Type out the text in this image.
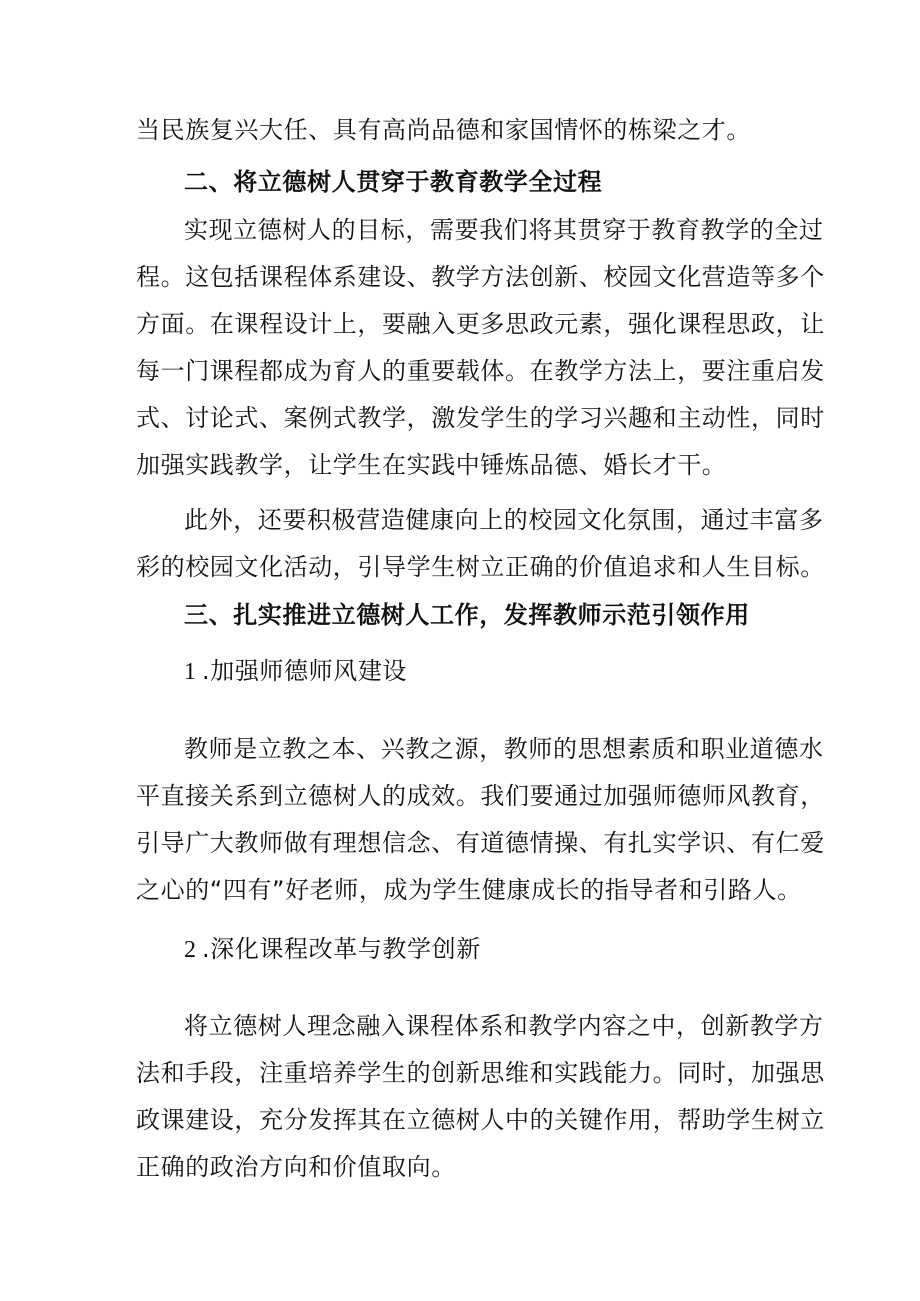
当民族复兴大任、具有高尚品德和家国情怀的栋梁之才。
二、将立德树人贯穿于教育教学全过程
实现立德树人的目标，需要我们将其贯穿于教育教学的全过
程。这包括课程体系建设、教学方法创新、校园文化营造等多个
方面。在课程设计上，要融入更多思政元素，强化课程思政，让
每一门课程都成为育人的重要载体。在教学方法上，要注重启发
式、讨论式、案例式教学，激发学生的学习兴趣和主动性，同时
加强实践教学，让学生在实践中锤炼品德、婚长才干。
此外，还要积极营造健康向上的校园文化氛围，通过丰富多
彩的校园文化活动，引导学生树立正确的价值追求和人生目标。
三、扎实推进立德树人工作，发挥教师示范引领作用
1 .加强师德师风建设
教师是立教之本、兴教之源，教师的思想素质和职业道德水
平直接关系到立德树人的成效。我们要通过加强师德师风教育，
引导广大教师做有理想信念、有道德情操、有扎实学识、有仁爱
之心的“四有”好老师，成为学生健康成长的指导者和引路人。
2 .深化课程改革与教学创新
将立德树人理念融入课程体系和教学内容之中，创新教学方
法和手段，注重培养学生的创新思维和实践能力。同时，加强思
政课建设，充分发挥其在立德树人中的关键作用，帮助学生树立
正确的政治方向和价值取向。
